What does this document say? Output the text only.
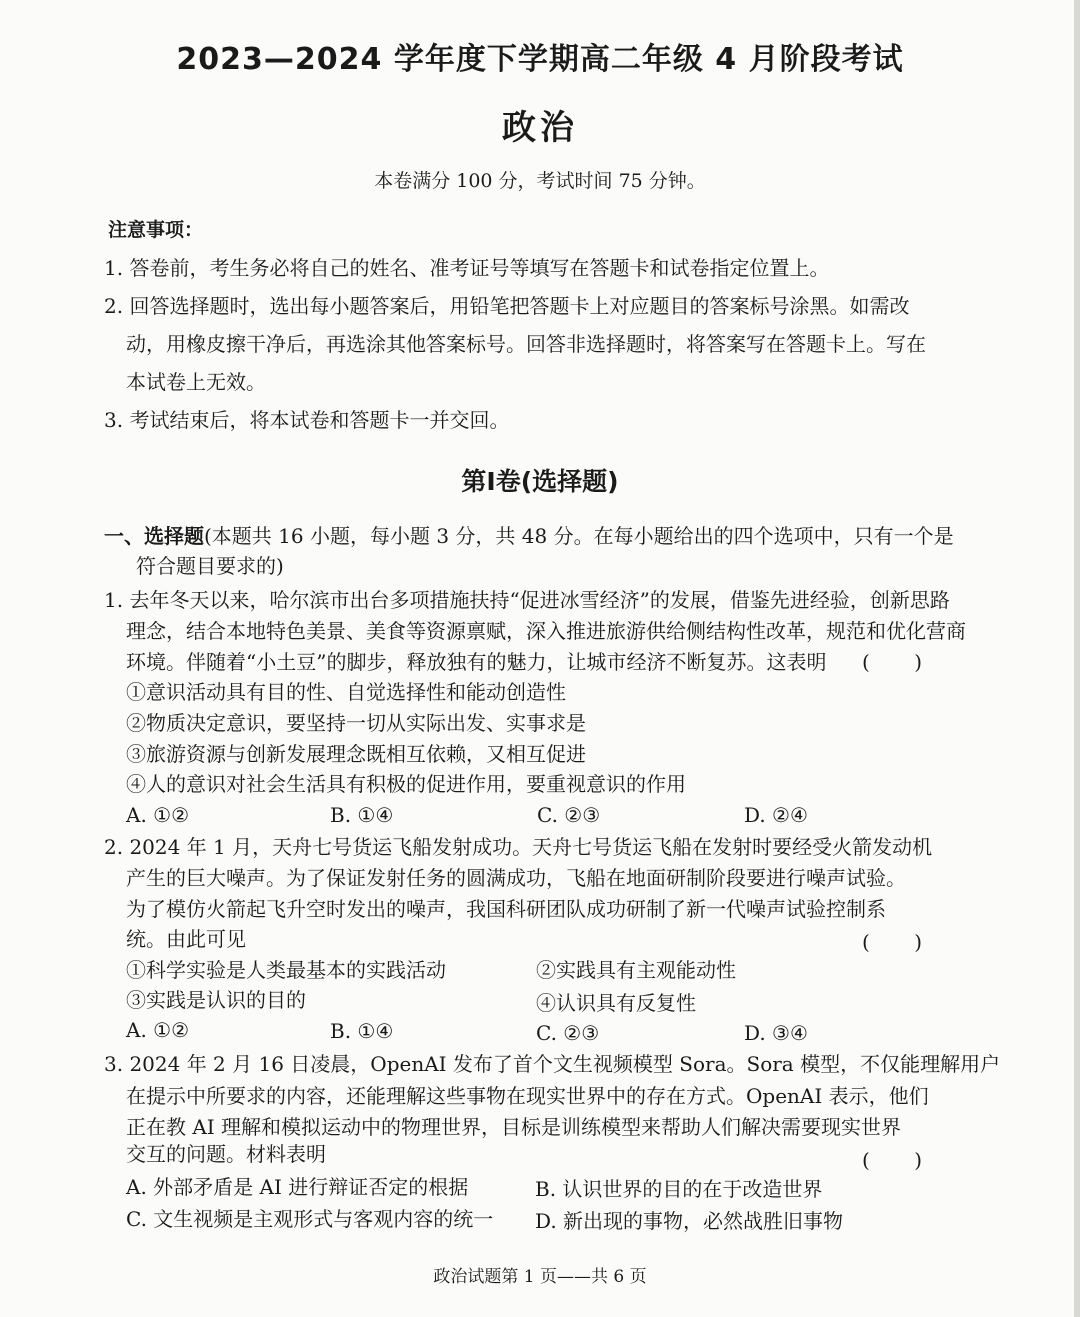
2023—2024 学年度下学期高二年级 4 月阶段考试
政治
本卷满分 100 分，考试时间 75 分钟。
注意事项：
1. 答卷前，考生务必将自己的姓名、准考证号等填写在答题卡和试卷指定位置上。
2. 回答选择题时，选出每小题答案后，用铅笔把答题卡上对应题目的答案标号涂黑。如需改
动，用橡皮擦干净后，再选涂其他答案标号。回答非选择题时，将答案写在答题卡上。写在
本试卷上无效。
3. 考试结束后，将本试卷和答题卡一并交回。
第Ⅰ卷(选择题)
一、选择题(本题共 16 小题，每小题 3 分，共 48 分。在每小题给出的四个选项中，只有一个是
符合题目要求的)
1. 去年冬天以来，哈尔滨市出台多项措施扶持“促进冰雪经济”的发展，借鉴先进经验，创新思路
理念，结合本地特色美景、美食等资源禀赋，深入推进旅游供给侧结构性改革，规范和优化营商
环境。伴随着“小土豆”的脚步，释放独有的魅力，让城市经济不断复苏。这表明 (       )
①意识活动具有目的性、自觉选择性和能动创造性
②物质决定意识，要坚持一切从实际出发、实事求是
③旅游资源与创新发展理念既相互依赖，又相互促进
④人的意识对社会生活具有积极的促进作用，要重视意识的作用
A. ①②	B. ①④	C. ②③	D. ②④
2. 2024 年 1 月，天舟七号货运飞船发射成功。天舟七号货运飞船在发射时要经受火箭发动机
产生的巨大噪声。为了保证发射任务的圆满成功，飞船在地面研制阶段要进行噪声试验。
为了模仿火箭起飞升空时发出的噪声，我国科研团队成功研制了新一代噪声试验控制系
统。由此可见	(       )
①科学实验是人类最基本的实践活动	②实践具有主观能动性
③实践是认识的目的	④认识具有反复性
A. ①②	B. ①④	C. ②③	D. ③④
3. 2024 年 2 月 16 日凌晨，OpenAI 发布了首个文生视频模型 Sora。Sora 模型，不仅能理解用户
在提示中所要求的内容，还能理解这些事物在现实世界中的存在方式。OpenAI 表示，他们
正在教 AI 理解和模拟运动中的物理世界，目标是训练模型来帮助人们解决需要现实世界
交互的问题。材料表明	(       )
A. 外部矛盾是 AI 进行辩证否定的根据	B. 认识世界的目的在于改造世界
C. 文生视频是主观形式与客观内容的统一 D. 新出现的事物，必然战胜旧事物
政治试题第 1 页——共 6 页
